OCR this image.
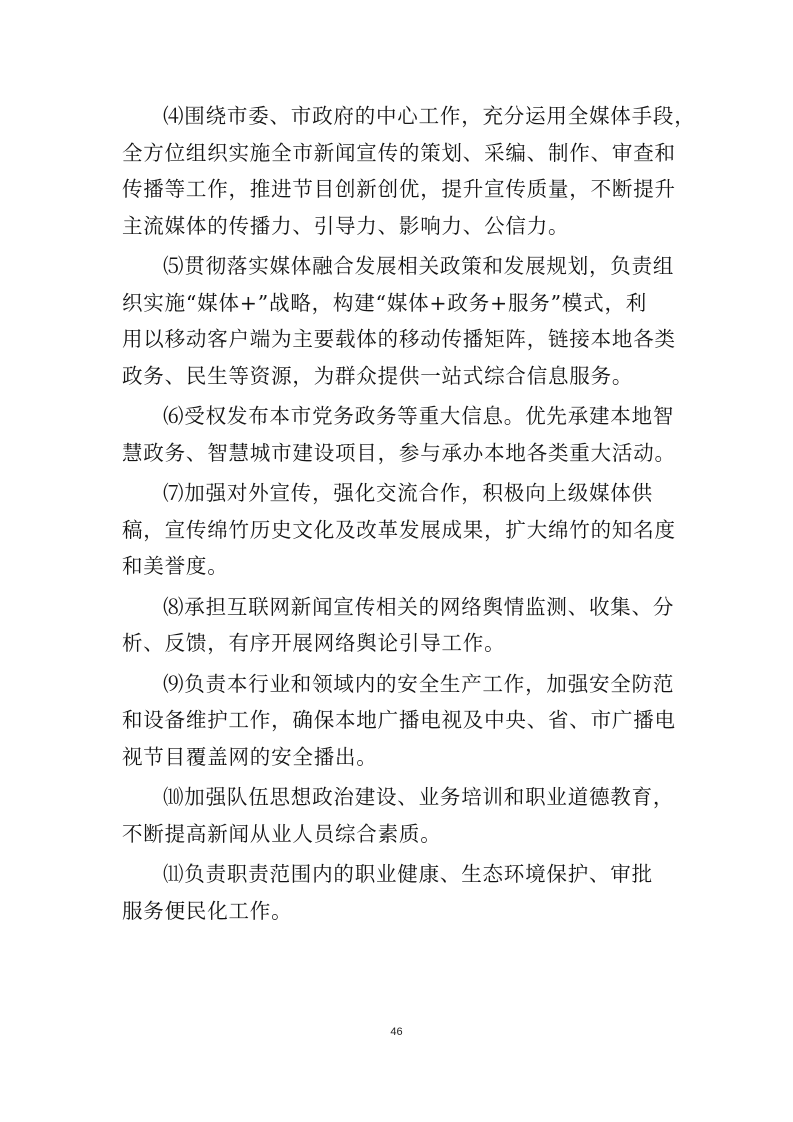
⑷围绕市委、市政府的中心工作，充分运用全媒体手段，
全方位组织实施全市新闻宣传的策划、采编、制作、审查和
传播等工作，推进节目创新创优，提升宣传质量，不断提升
主流媒体的传播力、引导力、影响力、公信力。
⑸贯彻落实媒体融合发展相关政策和发展规划，负责组
织实施“媒体+”战略，构建“媒体+政务+服务”模式，利
用以移动客户端为主要载体的移动传播矩阵，链接本地各类
政务、民生等资源，为群众提供一站式综合信息服务。
⑹受权发布本市党务政务等重大信息。优先承建本地智
慧政务、智慧城市建设项目，参与承办本地各类重大活动。
⑺加强对外宣传，强化交流合作，积极向上级媒体供
稿，宣传绵竹历史文化及改革发展成果，扩大绵竹的知名度
和美誉度。
⑻承担互联网新闻宣传相关的网络舆情监测、收集、分
析、反馈，有序开展网络舆论引导工作。
⑼负责本行业和领域内的安全生产工作，加强安全防范
和设备维护工作，确保本地广播电视及中央、省、市广播电
视节目覆盖网的安全播出。
⑽加强队伍思想政治建设、业务培训和职业道德教育，
不断提高新闻从业人员综合素质。
⑾负责职责范围内的职业健康、生态环境保护、审批
服务便民化工作。
46
